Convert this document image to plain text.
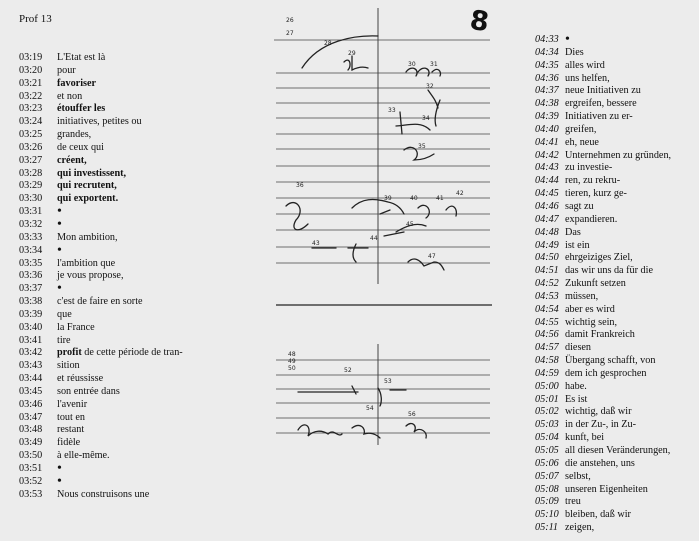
Prof 13	8
03:19	L'Etat est là
03:20	pour
03:21	favoriser
03:22	et non
03:23	étouffer les
03:24	initiatives, petites ou
03:25	grandes,
03:26	de ceux qui
03:27	créent,
03:28	qui investissent,
03:29	qui recrutent,
03:30	qui exportent.
03:31	•
03:32	•
03:33	Mon ambition,
03:34	•
03:35	l'ambition que
03:36	je vous propose,
03:37	•
03:38	c'est de faire en sorte
03:39	que
03:40	la France
03:41	tire
03:42	profit de cette période de tran-
03:43	sition
03:44	et réussisse
03:45	son entrée dans
03:46	l'avenir
03:47	tout en
03:48	restant
03:49	fidèle
03:50	à elle-même.
03:51	•
03:52	•
03:53	Nous construisons une
26
27
28
29
30 31
32
33
34
35
36
39	40	41
42
45
43
44
47
48
49
50	52
53
54
56
04:33 •
04:34 Dies
04:35 alles wird
04:36 uns helfen,
04:37 neue Initiativen zu
04:38 ergreifen, bessere
04:39 Initiativen zu er-
04:40 greifen,
04:41 eh, neue
04:42 Unternehmen zu gründen,
04:43 zu investie-
04:44 ren, zu rekru-
04:45 tieren, kurz ge-
04:46 sagt zu
04:47 expandieren.
04:48 Das
04:49 ist ein
04:50 ehrgeiziges Ziel,
04:51 das wir uns da für die
04:52 Zukunft setzen
04:53 müssen,
04:54 aber es wird
04:55 wichtig sein,
04:56 damit Frankreich
04:57 diesen
04:58 Übergang schafft, von
04:59 dem ich gesprochen
05:00 habe.
05:01 Es ist
05:02 wichtig, daß wir
05:03 in der Zu-, in Zu-
05:04 kunft, bei
05:05 all diesen Veränderungen,
05:06 die anstehen, uns
05:07 selbst,
05:08 unseren Eigenheiten
05:09 treu
05:10 bleiben, daß wir
05:11 zeigen,
